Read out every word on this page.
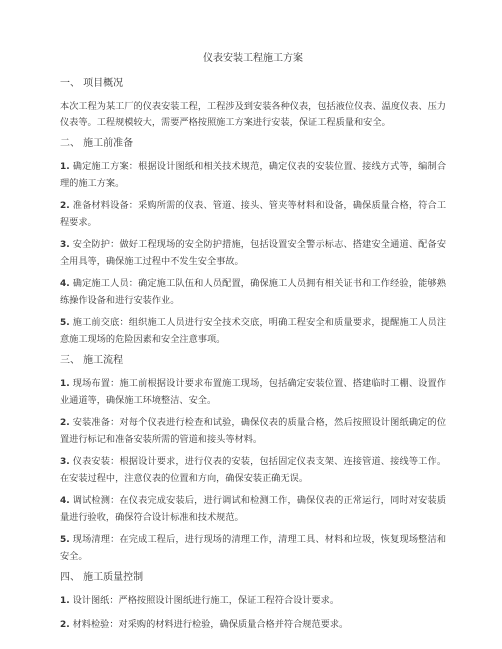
仪表安装工程施工方案
一、 项目概况

本次工程为某工厂的仪表安装工程，工程涉及到安装各种仪表，包括液位仪表、温度仪表、压力仪表等。工程规模较大，需要严格按照施工方案进行安装，保证工程质量和安全。

二、 施工前准备

1. 确定施工方案：根据设计图纸和相关技术规范，确定仪表的安装位置、接线方式等，编制合理的施工方案。

2. 准备材料设备：采购所需的仪表、管道、接头、管夹等材料和设备，确保质量合格，符合工程要求。

3. 安全防护：做好工程现场的安全防护措施，包括设置安全警示标志、搭建安全通道、配备安全用具等，确保施工过程中不发生安全事故。

4. 确定施工人员：确定施工队伍和人员配置，确保施工人员拥有相关证书和工作经验，能够熟练操作设备和进行安装作业。

5. 施工前交底：组织施工人员进行安全技术交底，明确工程安全和质量要求，提醒施工人员注意施工现场的危险因素和安全注意事项。

三、 施工流程

1. 现场布置：施工前根据设计要求布置施工现场，包括确定安装位置、搭建临时工棚、设置作业通道等，确保施工环境整洁、安全。

2. 安装准备：对每个仪表进行检查和试验，确保仪表的质量合格，然后按照设计图纸确定的位置进行标记和准备安装所需的管道和接头等材料。

3. 仪表安装：根据设计要求，进行仪表的安装，包括固定仪表支架、连接管道、接线等工作。在安装过程中，注意仪表的位置和方向，确保安装正确无误。

4. 调试检测：在仪表完成安装后，进行调试和检测工作，确保仪表的正常运行，同时对安装质量进行验收，确保符合设计标准和技术规范。

5. 现场清理：在完成工程后，进行现场的清理工作，清理工具、材料和垃圾，恢复现场整洁和安全。

四、 施工质量控制

1. 设计图纸：严格按照设计图纸进行施工，保证工程符合设计要求。

2. 材料检验：对采购的材料进行检验，确保质量合格并符合规范要求。
